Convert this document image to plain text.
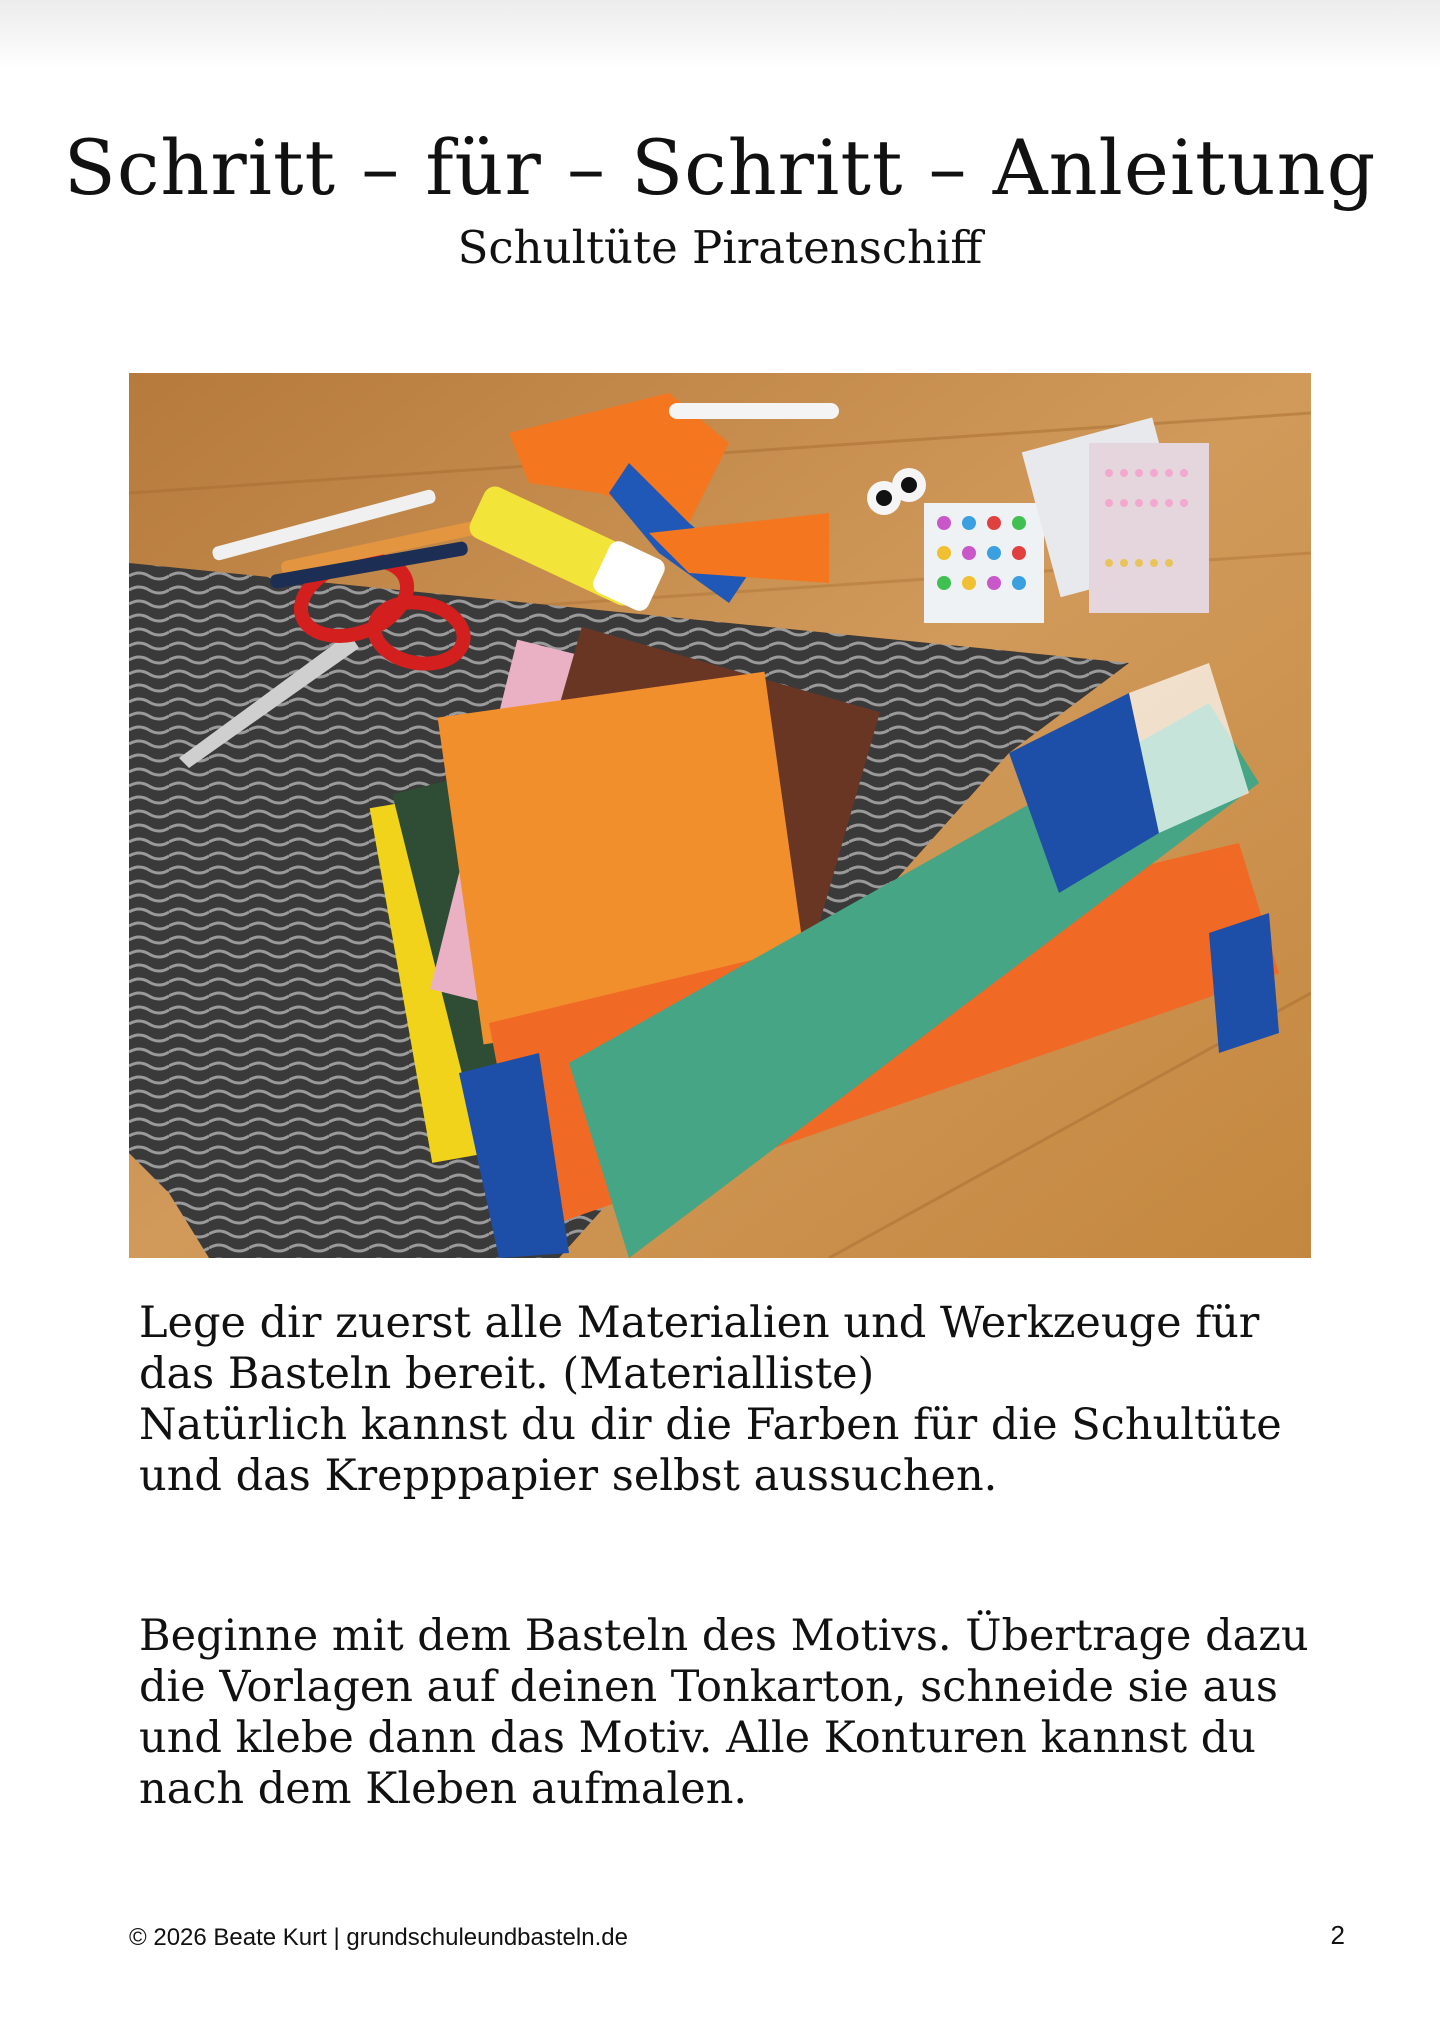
Schritt – für – Schritt – Anleitung
Schultüte Piratenschiff

Lege dir zuerst alle Materialien und Werkzeuge für
das Basteln bereit. (Materialliste)
Natürlich kannst du dir die Farben für die Schultüte
und das Krepppapier selbst aussuchen.

Beginne mit dem Basteln des Motivs. Übertrage dazu
die Vorlagen auf deinen Tonkarton, schneide sie aus
und klebe dann das Motiv. Alle Konturen kannst du
nach dem Kleben aufmalen.

© 2026 Beate Kurt | grundschuleundbasteln.de	2
